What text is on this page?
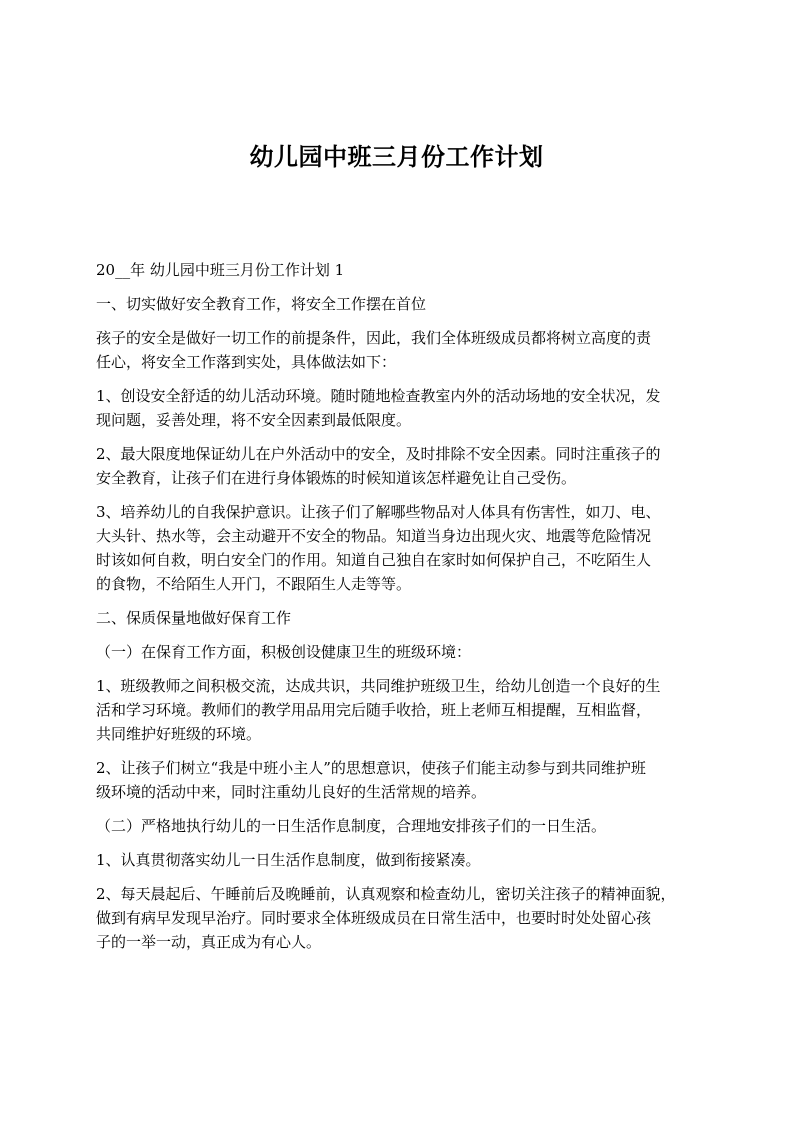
幼儿园中班三月份工作计划
20__年 幼儿园中班三月份工作计划 1
一、切实做好安全教育工作，将安全工作摆在首位
孩子的安全是做好一切工作的前提条件，因此，我们全体班级成员都将树立高度的责
任心，将安全工作落到实处，具体做法如下：
1、创设安全舒适的幼儿活动环境。随时随地检查教室内外的活动场地的安全状况，发
现问题，妥善处理，将不安全因素到最低限度。
2、最大限度地保证幼儿在户外活动中的安全，及时排除不安全因素。同时注重孩子的
安全教育，让孩子们在进行身体锻炼的时候知道该怎样避免让自己受伤。
3、培养幼儿的自我保护意识。让孩子们了解哪些物品对人体具有伤害性，如刀、电、
大头针、热水等，会主动避开不安全的物品。知道当身边出现火灾、地震等危险情况
时该如何自救，明白安全门的作用。知道自己独自在家时如何保护自己，不吃陌生人
的食物，不给陌生人开门，不跟陌生人走等等。
二、保质保量地做好保育工作
（一）在保育工作方面，积极创设健康卫生的班级环境：
1、班级教师之间积极交流，达成共识，共同维护班级卫生，给幼儿创造一个良好的生
活和学习环境。教师们的教学用品用完后随手收拾，班上老师互相提醒，互相监督，
共同维护好班级的环境。
2、让孩子们树立“我是中班小主人”的思想意识，使孩子们能主动参与到共同维护班
级环境的活动中来，同时注重幼儿良好的生活常规的培养。
（二）严格地执行幼儿的一日生活作息制度，合理地安排孩子们的一日生活。
1、认真贯彻落实幼儿一日生活作息制度，做到衔接紧凑。
2、每天晨起后、午睡前后及晚睡前，认真观察和检查幼儿，密切关注孩子的精神面貌，
做到有病早发现早治疗。同时要求全体班级成员在日常生活中，也要时时处处留心孩
子的一举一动，真正成为有心人。
